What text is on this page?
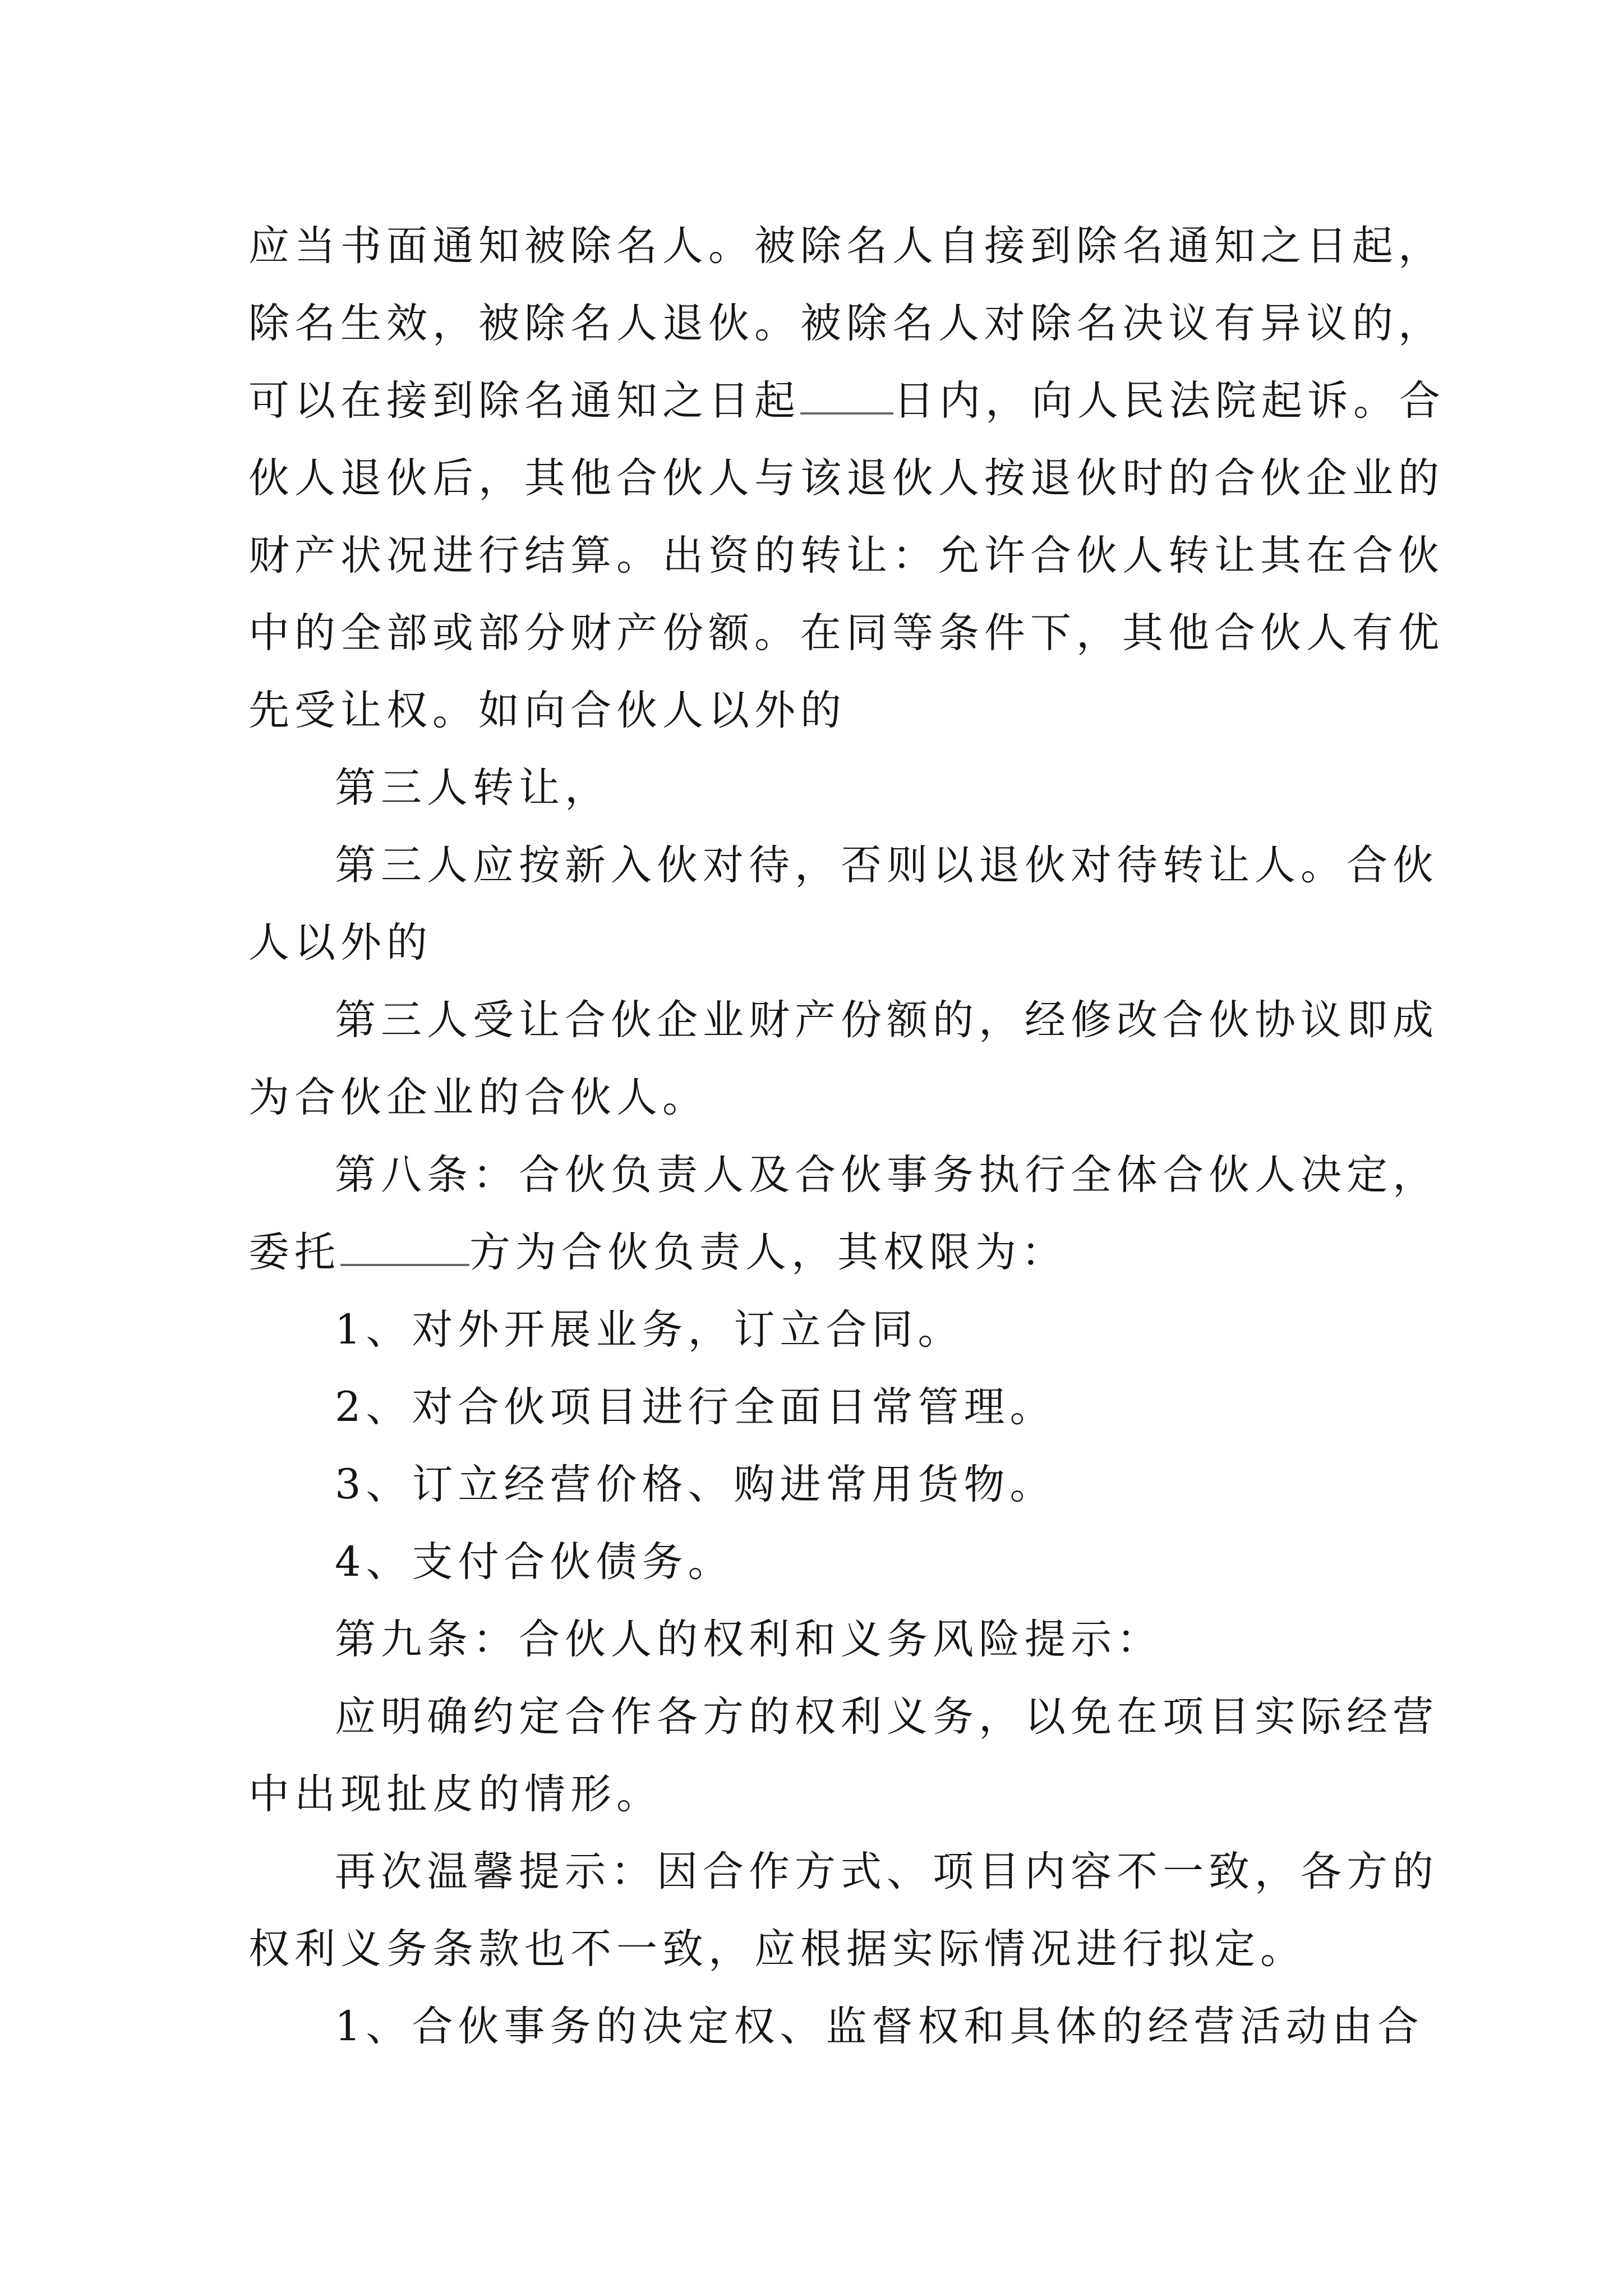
应当书面通知被除名人。被除名人自接到除名通知之日起，
除名生效，被除名人退伙。被除名人对除名决议有异议的，
可以在接到除名通知之日起 日内，向人民法院起诉。合
伙人退伙后，其他合伙人与该退伙人按退伙时的合伙企业的
财产状况进行结算。出资的转让：允许合伙人转让其在合伙
中的全部或部分财产份额。在同等条件下，其他合伙人有优
先受让权。如向合伙人以外的
第三人转让，
第三人应按新入伙对待，否则以退伙对待转让人。合伙
人以外的
第三人受让合伙企业财产份额的，经修改合伙协议即成
为合伙企业的合伙人。
第八条：合伙负责人及合伙事务执行全体合伙人决定，
委托	方为合伙负责人，其权限为：
1、对外开展业务，订立合同。
2、对合伙项目进行全面日常管理。
3、订立经营价格、购进常用货物。
4、支付合伙债务。
第九条：合伙人的权利和义务风险提示：
应明确约定合作各方的权利义务，以免在项目实际经营
中出现扯皮的情形。
再次温馨提示：因合作方式、项目内容不一致，各方的
权利义务条款也不一致，应根据实际情况进行拟定。
1、合伙事务的决定权、监督权和具体的经营活动由合
